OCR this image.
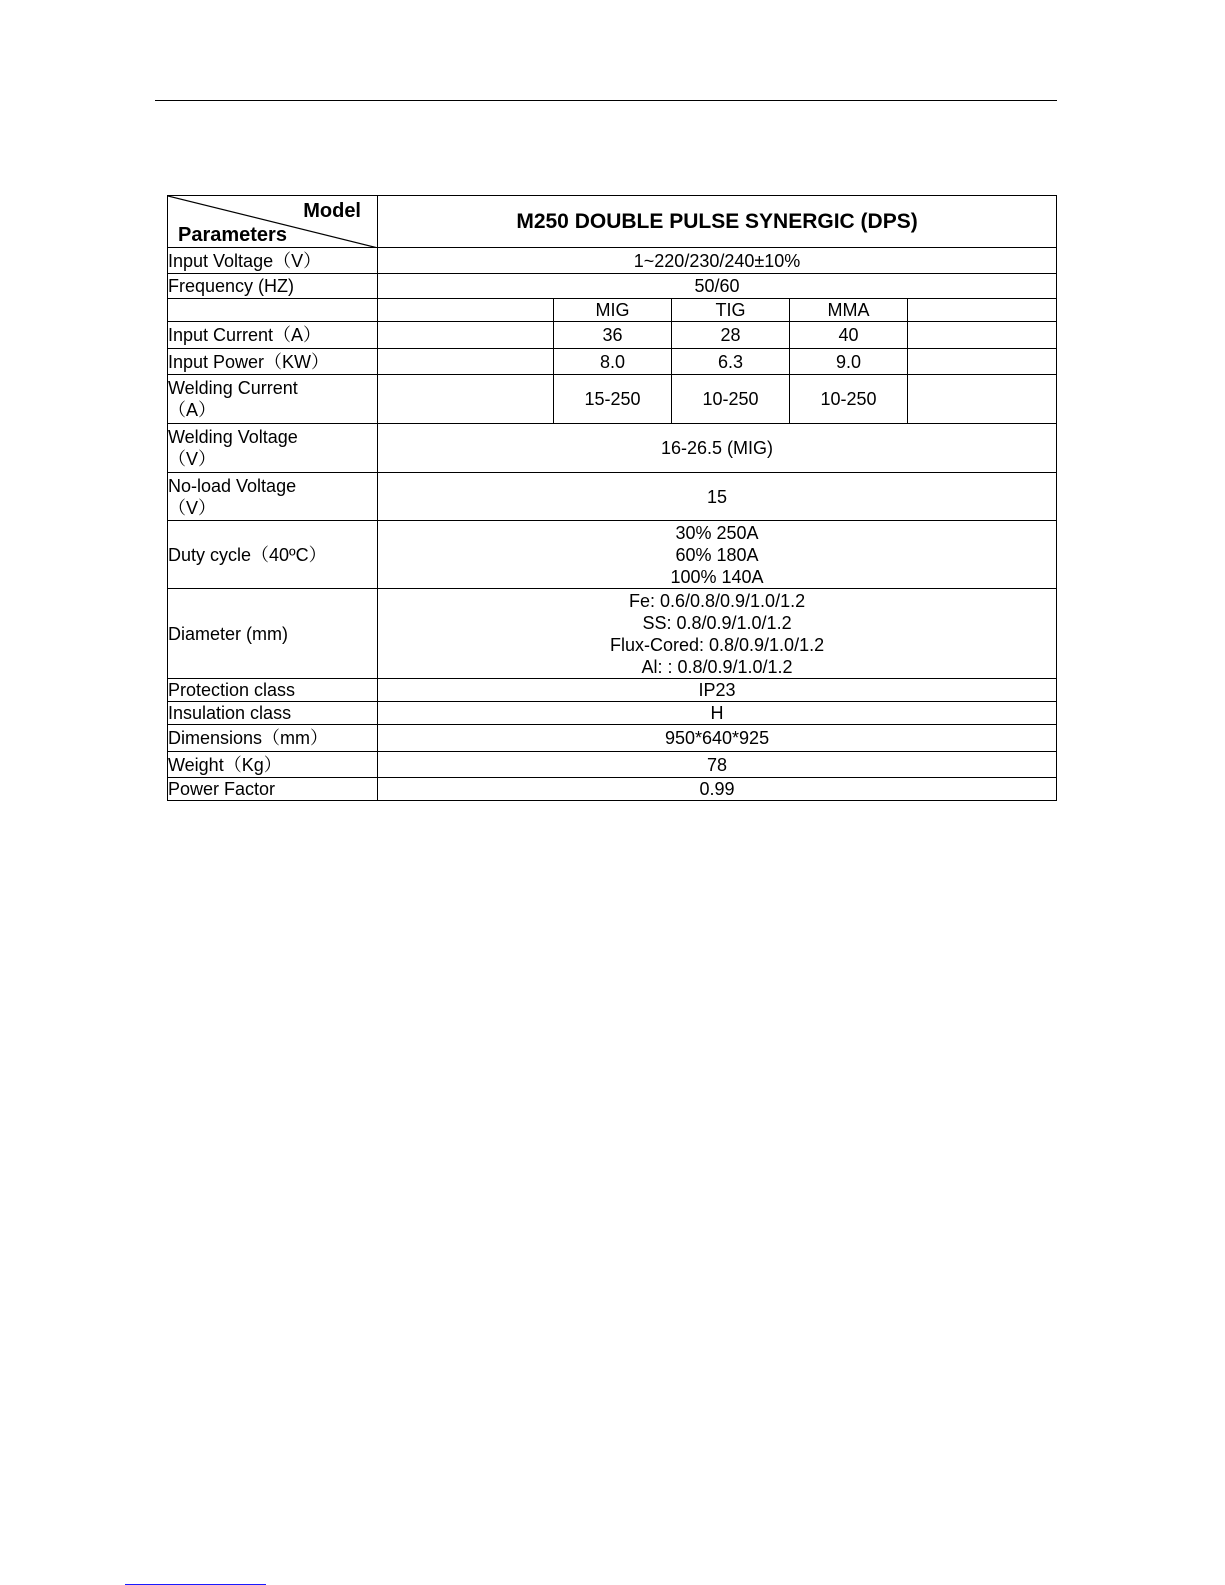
Model
Parameters	M250 DOUBLE PULSE SYNERGIC (DPS)				
Input Voltage（V）	1~220/230/240±10%				
Frequency (HZ)	50/60				
		MIG	TIG	MMA	
Input Current（A）		36	28	40	
Input Power（KW）		8.0	6.3	9.0	

Welding Current
（A）		15-250	10-250	10-250	

Welding Voltage
（V）	16-26.5 (MIG)				

No-load Voltage
（V）	15				
Duty cycle（40ºC）	30% 250A
60% 180A
100% 140A				

Diameter (mm)	Fe: 0.6/0.8/0.9/1.0/1.2
SS: 0.8/0.9/1.0/1.2
Flux-Cored: 0.8/0.9/1.0/1.2
Al: : 0.8/0.9/1.0/1.2				

Protection class	IP23				
Insulation class	H				
Dimensions（mm）	950*640*925				
Weight（Kg）	78				
Power Factor	0.99				
